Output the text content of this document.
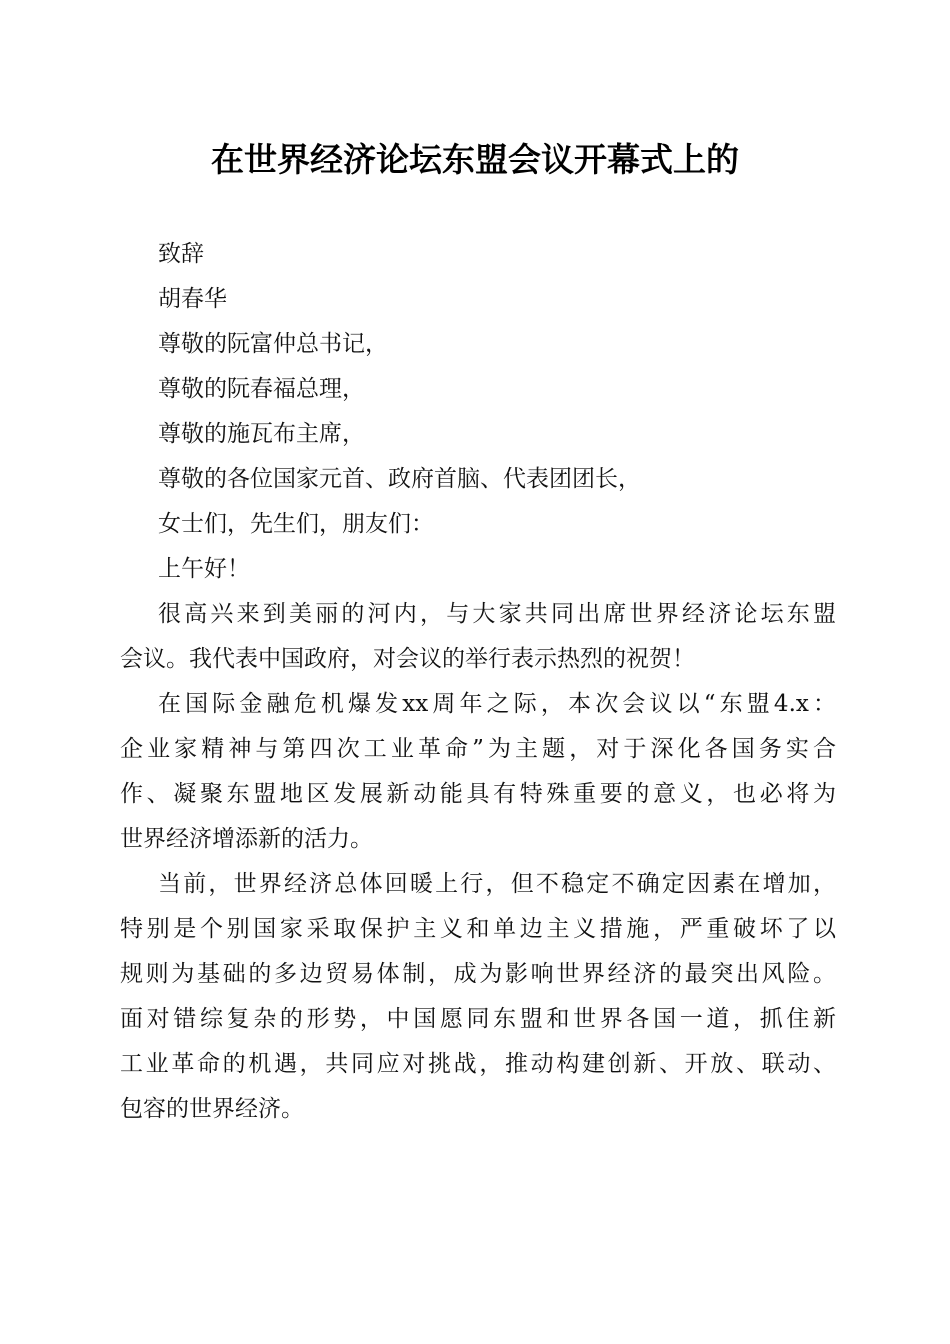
在世界经济论坛东盟会议开幕式上的
致辞
胡春华
尊敬的阮富仲总书记，
尊敬的阮春福总理，
尊敬的施瓦布主席，
尊敬的各位国家元首、政府首脑、代表团团长，
女士们，先生们，朋友们：
上午好！
很高兴来到美丽的河内，与大家共同出席世界经济论坛东盟
会议。我代表中国政府，对会议的举行表示热烈的祝贺！
在国际金融危机爆发xx周年之际，本次会议以“东盟4.x：
企业家精神与第四次工业革命”为主题，对于深化各国务实合
作、凝聚东盟地区发展新动能具有特殊重要的意义，也必将为
世界经济增添新的活力。
当前，世界经济总体回暖上行，但不稳定不确定因素在增加，
特别是个别国家采取保护主义和单边主义措施，严重破坏了以
规则为基础的多边贸易体制，成为影响世界经济的最突出风险。
面对错综复杂的形势，中国愿同东盟和世界各国一道，抓住新
工业革命的机遇，共同应对挑战，推动构建创新、开放、联动、
包容的世界经济。
